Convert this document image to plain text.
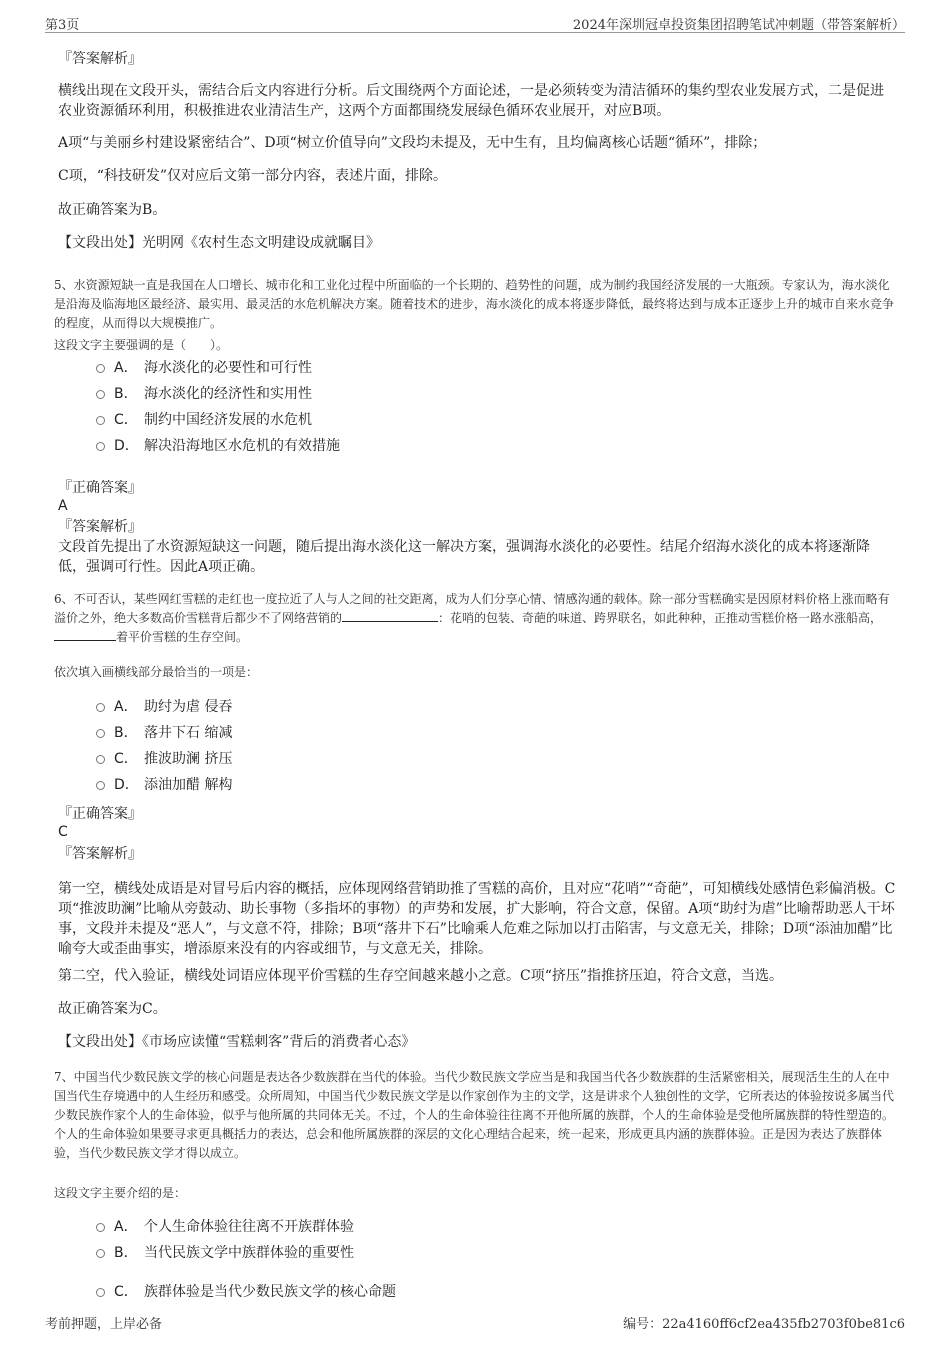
第3页	2024年深圳冠卓投资集团招聘笔试冲刺题（带答案解析）
『答案解析』
横线出现在文段开头，需结合后文内容进行分析。后文围绕两个方面论述，一是必须转变为清洁循环的集约型农业发展方式，二是促进农业资源循环利用，积极推进农业清洁生产，这两个方面都围绕发展绿色循环农业展开，对应B项。
A项“与美丽乡村建设紧密结合”、D项“树立价值导向”文段均未提及，无中生有，且均偏离核心话题“循环”，排除；
C项，“科技研发”仅对应后文第一部分内容，表述片面，排除。
故正确答案为B。
【文段出处】光明网《农村生态文明建设成就瞩目》
5、水资源短缺一直是我国在人口增长、城市化和工业化过程中所面临的一个长期的、趋势性的问题，成为制约我国经济发展的一大瓶颈。专家认为，海水淡化是沿海及临海地区最经济、最实用、最灵活的水危机解决方案。随着技术的进步，海水淡化的成本将逐步降低，最终将达到与成本正逐步上升的城市自来水竞争的程度，从而得以大规模推广。
这段文字主要强调的是（　　）。
A． 海水淡化的必要性和可行性
B． 海水淡化的经济性和实用性
C． 制约中国经济发展的水危机
D． 解决沿海地区水危机的有效措施
『正确答案』
A
『答案解析』
文段首先提出了水资源短缺这一问题，随后提出海水淡化这一解决方案，强调海水淡化的必要性。结尾介绍海水淡化的成本将逐渐降低，强调可行性。因此A项正确。
6、不可否认，某些网红雪糕的走红也一度拉近了人与人之间的社交距离，成为人们分享心情、情感沟通的载体。除一部分雪糕确实是因原材料价格上涨而略有溢价之外，绝大多数高价雪糕背后都少不了网络营销的	：花哨的包装、奇葩的味道、跨界联名，如此种种，正推动雪糕价格一路水涨船高，着平价雪糕的生存空间。
依次填入画横线部分最恰当的一项是：
A． 助纣为虐 侵吞
B． 落井下石 缩减
C． 推波助澜 挤压
D． 添油加醋 解构
『正确答案』
C
『答案解析』
第一空，横线处成语是对冒号后内容的概括，应体现网络营销助推了雪糕的高价，且对应“花哨”“奇葩”，可知横线处感情色彩偏消极。C项“推波助澜”比喻从旁鼓动、助长事物（多指坏的事物）的声势和发展，扩大影响，符合文意，保留。A项“助纣为虐”比喻帮助恶人干坏事，文段并未提及“恶人”，与文意不符，排除；B项“落井下石”比喻乘人危难之际加以打击陷害，与文意无关，排除；D项“添油加醋”比喻夸大或歪曲事实，增添原来没有的内容或细节，与文意无关，排除。
第二空，代入验证，横线处词语应体现平价雪糕的生存空间越来越小之意。C项“挤压”指推挤压迫，符合文意，当选。
故正确答案为C。
【文段出处】《市场应读懂“雪糕刺客”背后的消费者心态》
7、中国当代少数民族文学的核心问题是表达各少数族群在当代的体验。当代少数民族文学应当是和我国当代各少数族群的生活紧密相关，展现活生生的人在中国当代生存境遇中的人生经历和感受。众所周知，中国当代少数民族文学是以作家创作为主的文学，这是讲求个人独创性的文学，它所表达的体验按说多属当代少数民族作家个人的生命体验，似乎与他所属的共同体无关。不过，个人的生命体验往往离不开他所属的族群，个人的生命体验是受他所属族群的特性塑造的。个人的生命体验如果要寻求更具概括力的表达，总会和他所属族群的深层的文化心理结合起来，统一起来，形成更具内涵的族群体验。正是因为表达了族群体验，当代少数民族文学才得以成立。
这段文字主要介绍的是：
A． 个人生命体验往往离不开族群体验
B． 当代民族文学中族群体验的重要性
C． 族群体验是当代少数民族文学的核心命题
考前押题，上岸必备	编号：22a4160ff6cf2ea435fb2703f0be81c6
